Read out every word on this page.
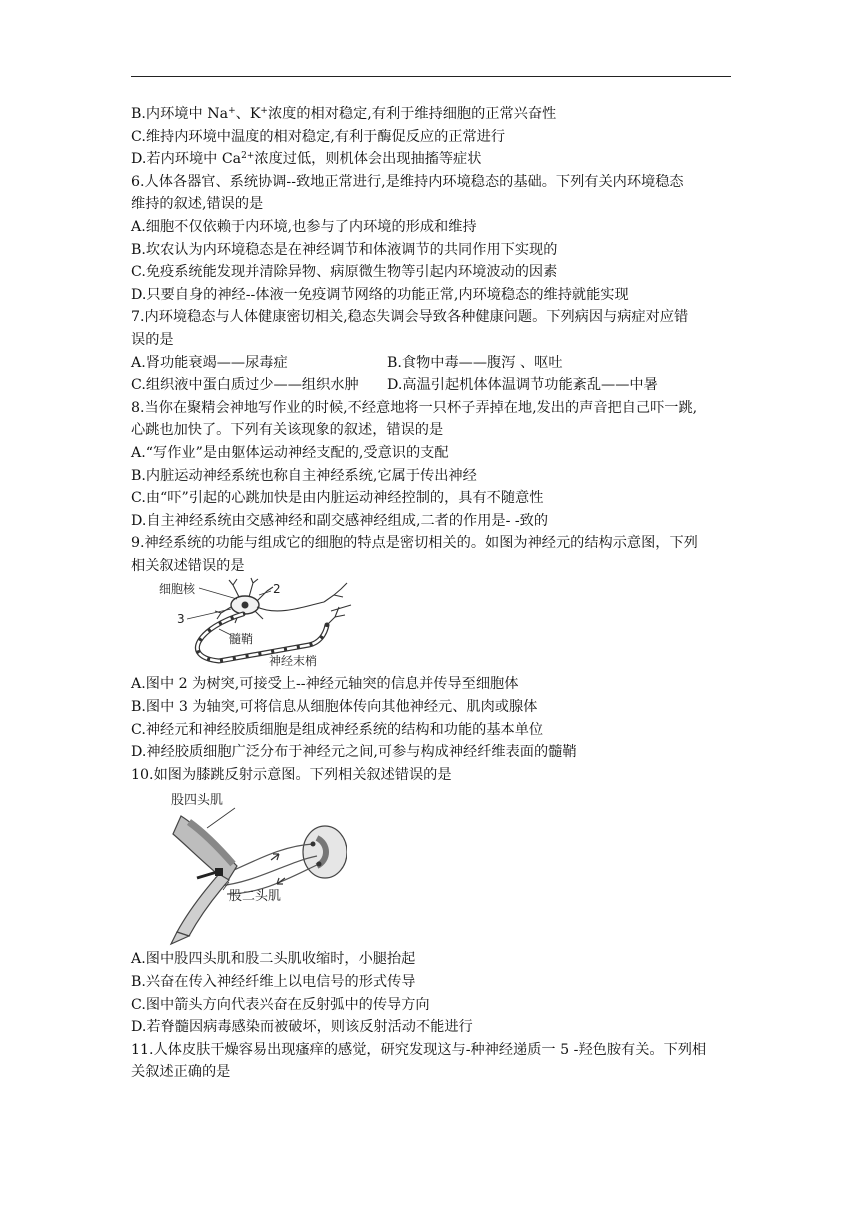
B.内环境中 Na+、K+浓度的相对稳定,有利于维持细胞的正常兴奋性
C.维持内环境中温度的相对稳定,有利于酶促反应的正常进行
D.若内环境中 $Ca^{2+}$浓度过低，则机体会出现抽搐等症状
6.人体各器官、系统协调--致地正常进行,是维持内环境稳态的基础。下列有关内环境稳态
维持的叙述,错误的是
A.细胞不仅依赖于内环境,也参与了内环境的形成和维持
B.坎农认为内环境稳态是在神经调节和体液调节的共同作用下实现的
C.免疫系统能发现并清除异物、病原微生物等引起内环境波动的因素
D.只要自身的神经--体液一免疫调节网络的功能正常,内环境稳态的维持就能实现
7.内环境稳态与人体健康密切相关,稳态失调会导致各种健康问题。下列病因与病症对应错
误的是
A.肾功能衰竭——尿毒症	B.食物中毒——腹泻 、呕吐
C.组织液中蛋白质过少——组织水肿	D.高温引起机体体温调节功能紊乱——中暑
8.当你在聚精会神地写作业的时候,不经意地将一只杯子弄掉在地,发出的声音把自己吓一跳,
心跳也加快了。下列有关该现象的叙述，错误的是
A.“写作业”是由躯体运动神经支配的,受意识的支配
B.内脏运动神经系统也称自主神经系统,它属于传出神经
C.由“吓”引起的心跳加快是由内脏运动神经控制的，具有不随意性
D.自主神经系统由交感神经和副交感神经组成,二者的作用是- -致的
9.神经系统的功能与组成它的细胞的特点是密切相关的。如图为神经元的结构示意图，下列
相关叙述错误的是
细胞核	2
3
髓鞘
神经末梢
A.图中 2 为树突,可接受上--神经元轴突的信息并传导至细胞体
B.图中 3 为轴突,可将信息从细胞体传向其他神经元、肌肉或腺体
C.神经元和神经胶质细胞是组成神经系统的结构和功能的基本单位
D.神经胶质细胞广泛分布于神经元之间,可参与构成神经纤维表面的髓鞘
10.如图为膝跳反射示意图。下列相关叙述错误的是
股四头肌
股二头肌
A.图中股四头肌和股二头肌收缩时，小腿抬起
B.兴奋在传入神经纤维上以电信号的形式传导
C.图中箭头方向代表兴奋在反射弧中的传导方向
D.若脊髓因病毒感染而被破坏，则该反射活动不能进行
11.人体皮肤干燥容易出现瘙痒的感觉，研究发现这与-种神经递质一 5 -羟色胺有关。下列相
关叙述正确的是
